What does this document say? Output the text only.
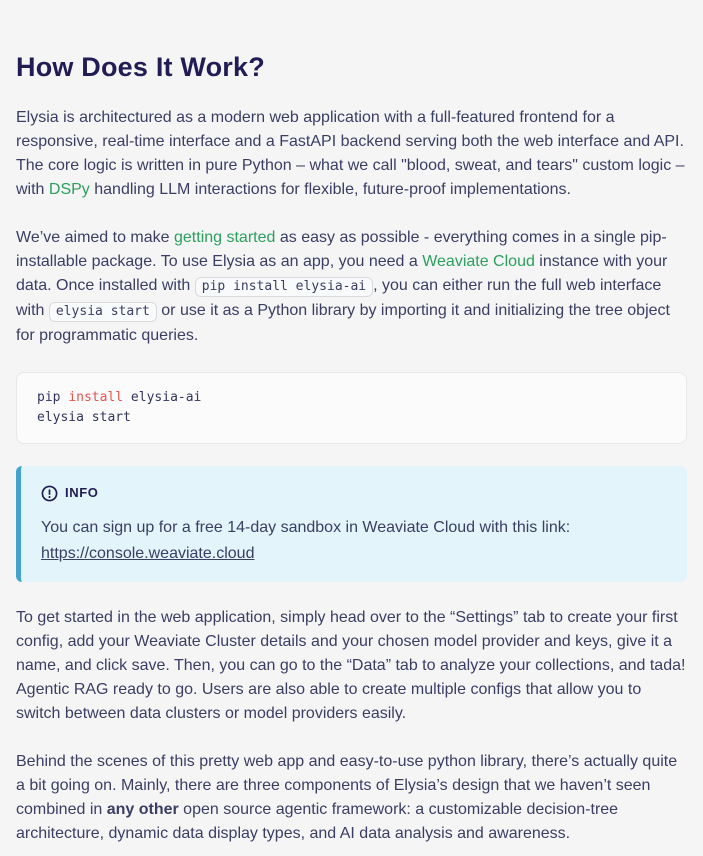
How Does It Work?

Elysia is architectured as a modern web application with a full-featured frontend for a responsive, real-time interface and a FastAPI backend serving both the web interface and API. The core logic is written in pure Python – what we call "blood, sweat, and tears" custom logic – with DSPy handling LLM interactions for flexible, future-proof implementations.

We’ve aimed to make getting started as easy as possible - everything comes in a single pip-installable package. To use Elysia as an app, you need a Weaviate Cloud instance with your data. Once installed with pip install elysia-ai , you can either run the full web interface with elysia start or use it as a Python library by importing it and initializing the tree object for programmatic queries.

pip install elysia-ai
elysia start
INFO
You can sign up for a free 14-day sandbox in Weaviate Cloud with this link:
https://console.weaviate.cloud

To get started in the web application, simply head over to the “Settings” tab to create your first config, add your Weaviate Cluster details and your chosen model provider and keys, give it a name, and click save. Then, you can go to the “Data” tab to analyze your collections, and tada! Agentic RAG ready to go. Users are also able to create multiple configs that allow you to switch between data clusters or model providers easily.

Behind the scenes of this pretty web app and easy-to-use python library, there’s actually quite a bit going on. Mainly, there are three components of Elysia’s design that we haven’t seen combined in any other open source agentic framework: a customizable decision-tree architecture, dynamic data display types, and AI data analysis and awareness.
